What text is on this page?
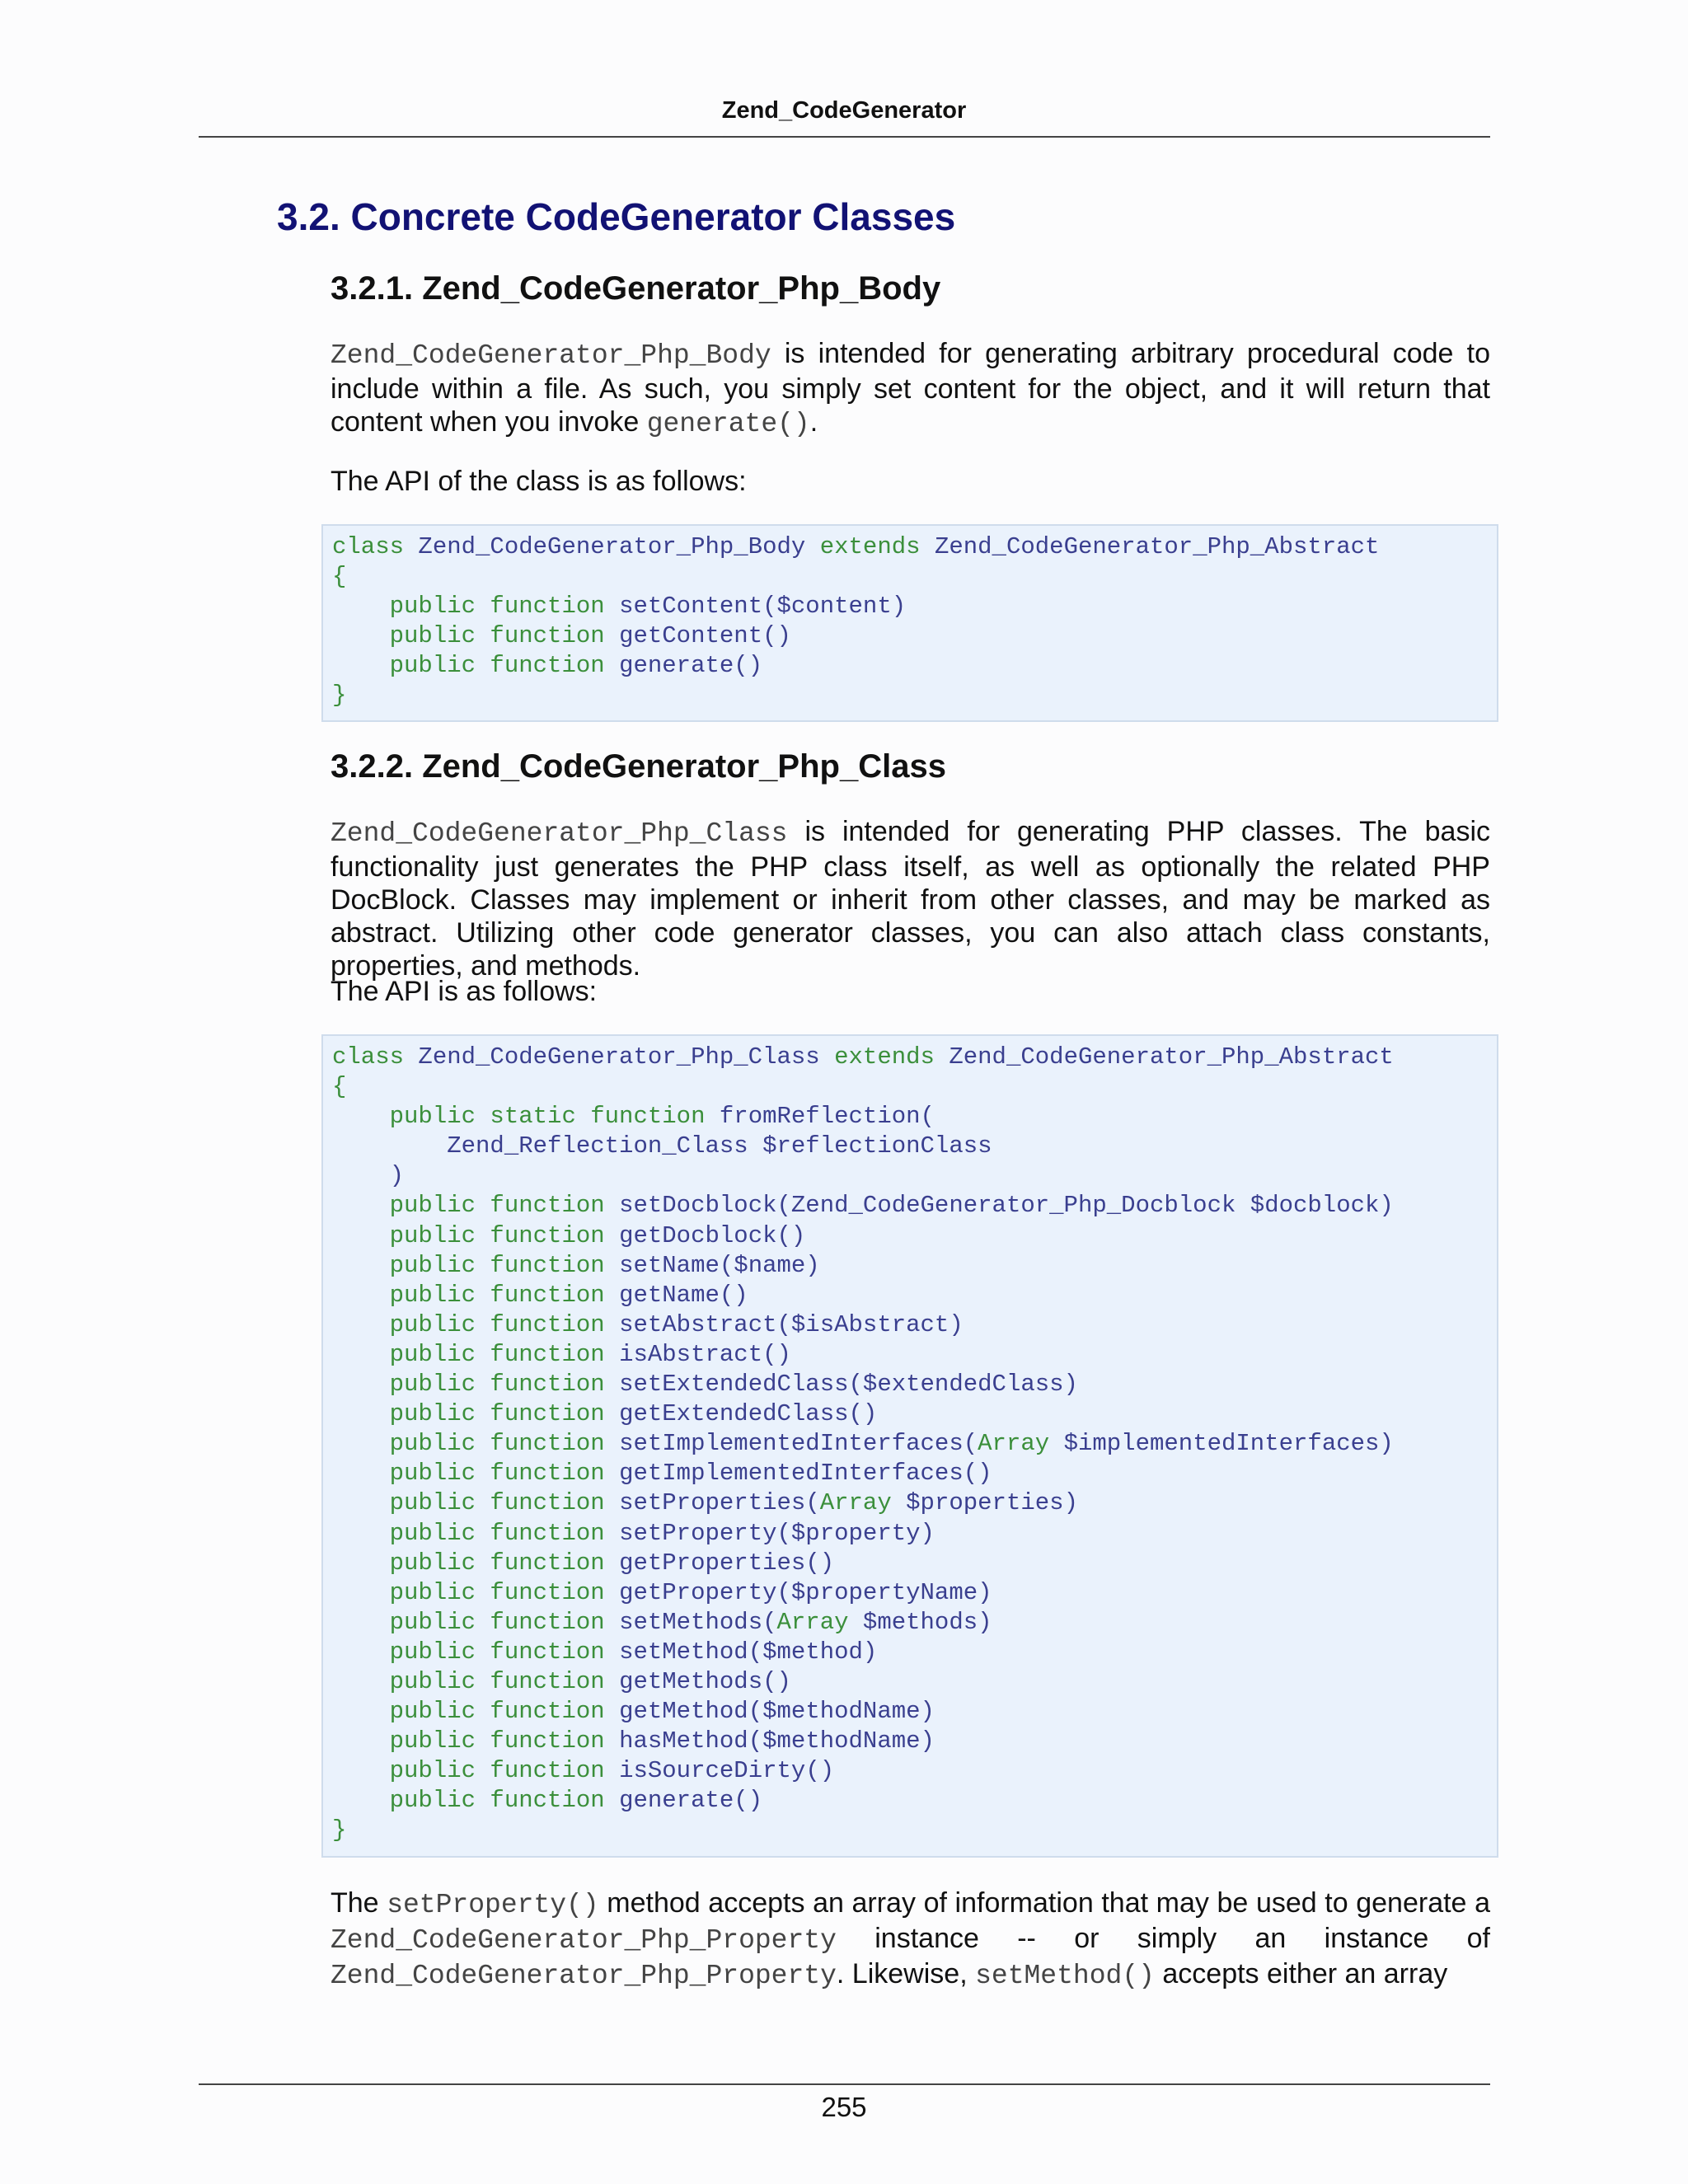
Zend_CodeGenerator
3.2. Concrete CodeGenerator Classes
3.2.1. Zend_CodeGenerator_Php_Body

Zend_CodeGenerator_Php_Body is intended for generating arbitrary procedural code to include within a file. As such, you simply set content for the object, and it will return that content when you invoke generate().

The API of the class is as follows:

class Zend_CodeGenerator_Php_Body extends Zend_CodeGenerator_Php_Abstract
{
public function setContent($content)
public function getContent()
public function generate()
}
3.2.2. Zend_CodeGenerator_Php_Class

Zend_CodeGenerator_Php_Class is intended for generating PHP classes. The basic functionality just generates the PHP class itself, as well as optionally the related PHP DocBlock. Classes may implement or inherit from other classes, and may be marked as abstract. Utilizing other code generator classes, you can also attach class constants, properties, and methods.

The API is as follows:

class Zend_CodeGenerator_Php_Class extends Zend_CodeGenerator_Php_Abstract
{
public static function fromReflection(
Zend_Reflection_Class $reflectionClass
)
public function setDocblock(Zend_CodeGenerator_Php_Docblock $docblock)
public function getDocblock()
public function setName($name)
public function getName()
public function setAbstract($isAbstract)
public function isAbstract()
public function setExtendedClass($extendedClass)
public function getExtendedClass()
public function setImplementedInterfaces(Array $implementedInterfaces)
public function getImplementedInterfaces()
public function setProperties(Array $properties)
public function setProperty($property)
public function getProperties()
public function getProperty($propertyName)
public function setMethods(Array $methods)
public function setMethod($method)
public function getMethods()
public function getMethod($methodName)
public function hasMethod($methodName)
public function isSourceDirty()
public function generate()
}

The setProperty() method accepts an array of information that may be used to generate a Zend_CodeGenerator_Php_Property instance -- or simply an instance of Zend_CodeGenerator_Php_Property. Likewise, setMethod() accepts either an array

255
